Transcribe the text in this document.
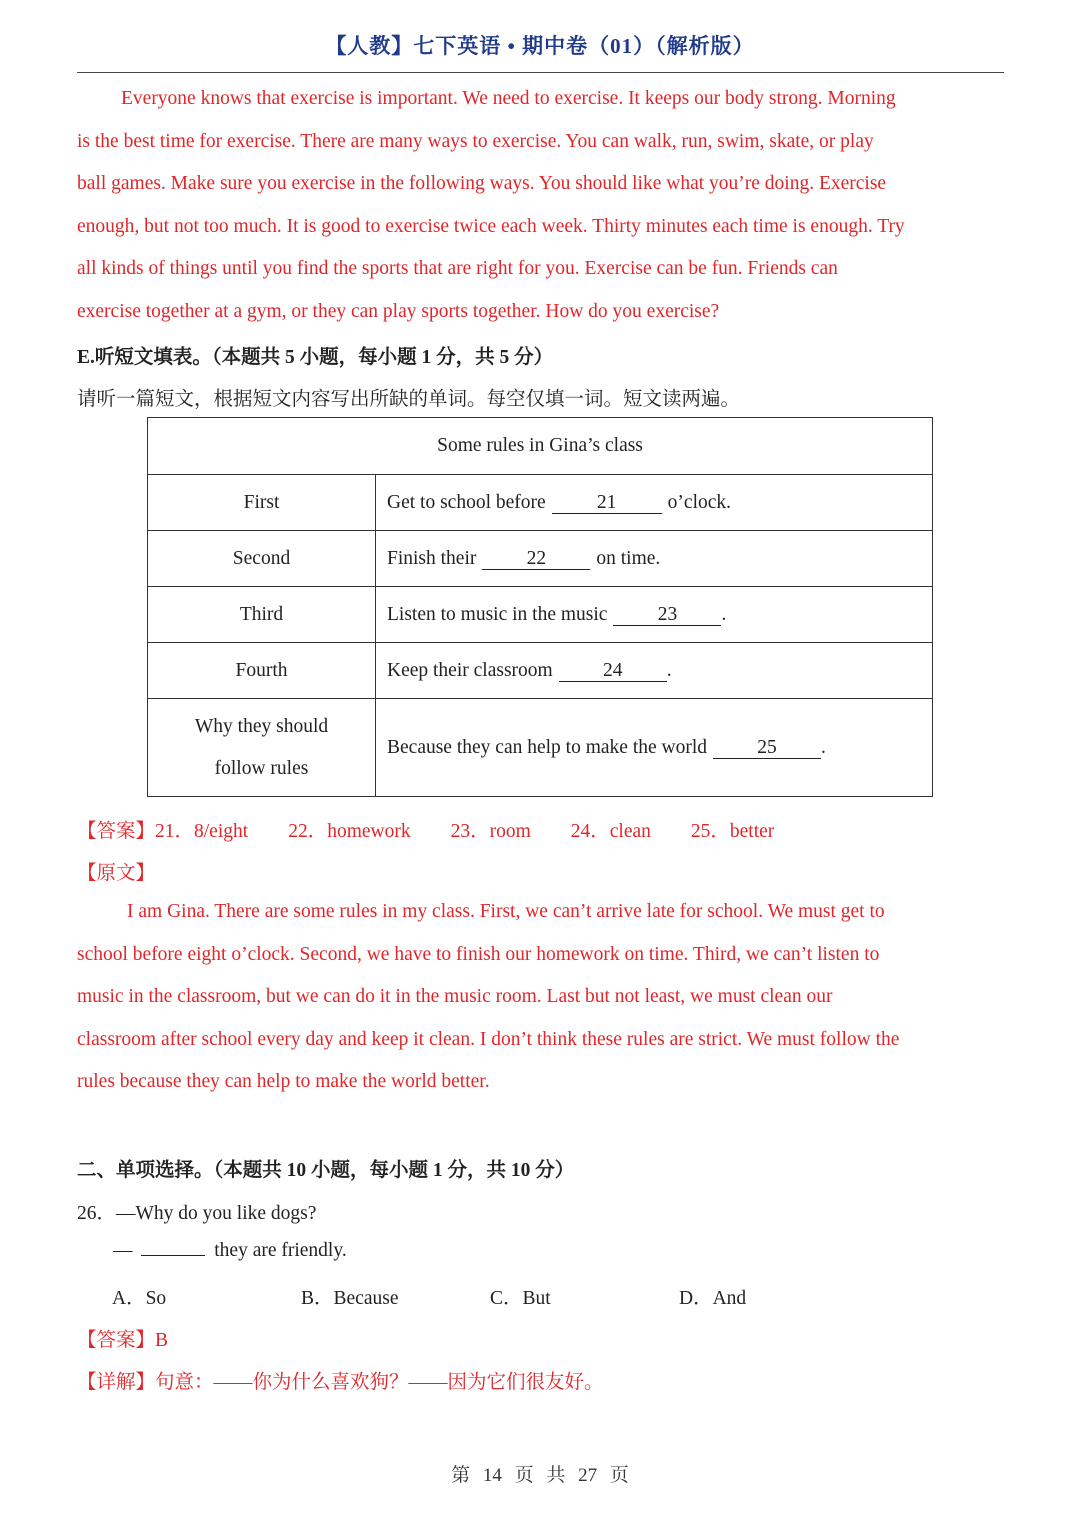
【人教】七下英语 • 期中卷（01）（解析版）
Everyone knows that exercise is important. We need to exercise. It keeps our body strong. Morning
is the best time for exercise. There are many ways to exercise. You can walk, run, swim, skate, or play
ball games. Make sure you exercise in the following ways. You should like what you’re doing. Exercise
enough, but not too much. It is good to exercise twice each week. Thirty minutes each time is enough. Try
all kinds of things until you find the sports that are right for you. Exercise can be fun. Friends can
exercise together at a gym, or they can play sports together. How do you exercise?
E.听短文填表。（本题共 5 小题，每小题 1 分，共 5 分）
请听一篇短文，根据短文内容写出所缺的单词。每空仅填一词。短文读两遍。
Some rules in Gina’s class	
First	Get to school before 21 o’clock.
Second	Finish their 22 on time.
Third	Listen to music in the music 23 .
Fourth	Keep their classroom 24 .

Why they should
follow rules	Because they can help to make the world 25 .
【答案】21．8/eight 22．homework 23．room 24．clean 25．better
【原文】
I am Gina. There are some rules in my class. First, we can’t arrive late for school. We must get to
school before eight o’clock. Second, we have to finish our homework on time. Third, we can’t listen to
music in the classroom, but we can do it in the music room. Last but not least, we must clean our
classroom after school every day and keep it clean. I don’t think these rules are strict. We must follow the
rules because they can help to make the world better.
二、单项选择。（本题共 10 小题，每小题 1 分，共 10 分）
26．—Why do you like dogs?
—	they are friendly.
A．So	B．Because	C．But	D．And
【答案】B
【详解】句意：——你为什么喜欢狗？——因为它们很友好。
第 14 页 共 27 页
